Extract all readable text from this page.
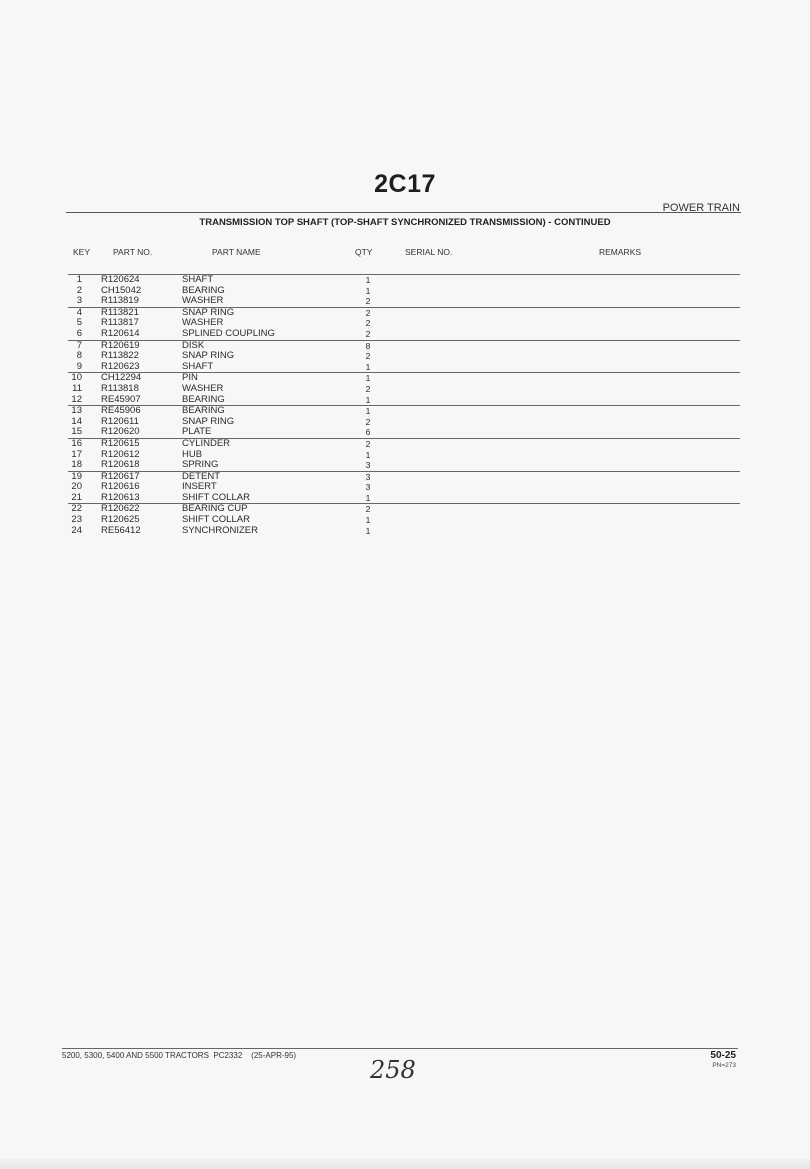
2C17
POWER TRAIN
TRANSMISSION TOP SHAFT (TOP-SHAFT SYNCHRONIZED TRANSMISSION) - CONTINUED
KEY	PART NO.	PART NAME	QTY	SERIAL NO.	REMARKS
1 R120624	SHAFT	1
2 CH15042	BEARING	1
3 R113819	WASHER	2
4 R113821	SNAP RING	2
5 R113817	WASHER	2
6 R120614	SPLINED COUPLING	2
7 R120619	DISK	8
8 R113822	SNAP RING	2
9 R120623	SHAFT	1
10 CH12294	PIN	1
11 R113818	WASHER	2
12 RE45907	BEARING	1
13 RE45906	BEARING	1
14 R120611	SNAP RING	2
15 R120620	PLATE	6
16 R120615	CYLINDER	2
17 R120612	HUB	1
18 R120618	SPRING	3
19 R120617	DETENT	3
20 R120616	INSERT	3
21 R120613	SHIFT COLLAR	1
22 R120622	BEARING CUP	2
23 R120625	SHIFT COLLAR	1
24 RE56412	SYNCHRONIZER	1
5200, 5300, 5400 AND 5500 TRACTORS PC2332 (25-APR-95)	50-25
PN=273
258
